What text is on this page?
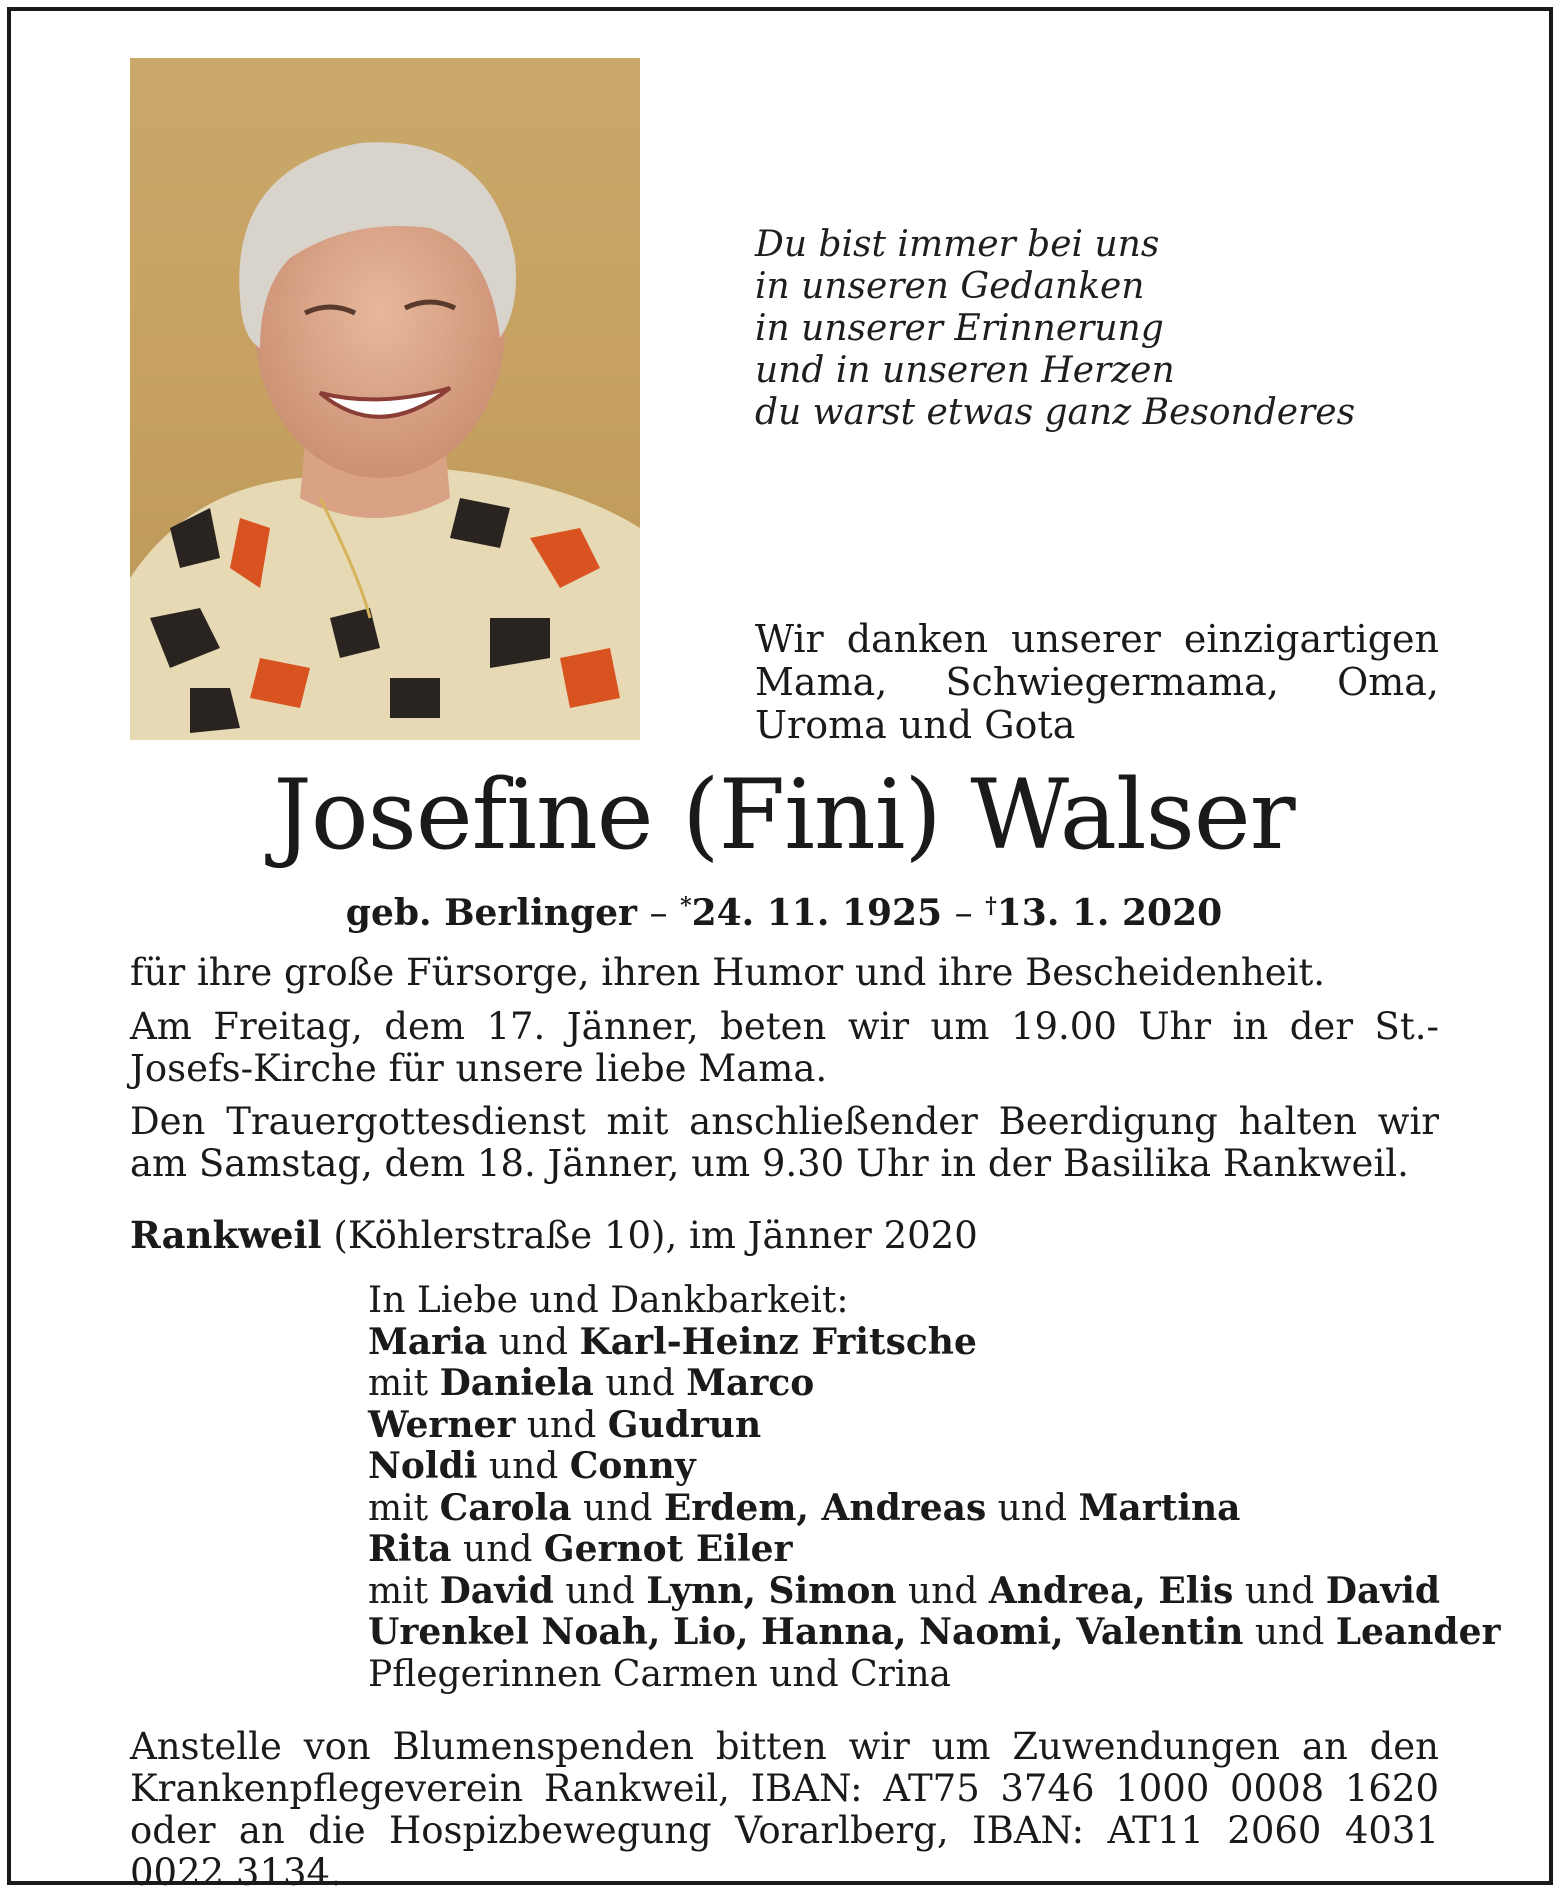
Du bist immer bei uns
in unseren Gedanken
in unserer Erinnerung
und in unseren Herzen
du warst etwas ganz Besonderes
Wir danken unserer einzigartigen Mama, Schwiegermama, Oma, Uroma und Gota
Josefine (Fini) Walser
geb. Berlinger – *24. 11. 1925 – †13. 1. 2020
für ihre große Fürsorge, ihren Humor und ihre Bescheidenheit.
Am Freitag, dem 17. Jänner, beten wir um 19.00 Uhr in der St.-Josefs-Kirche für unsere liebe Mama.
Den Trauergottesdienst mit anschließender Beerdigung halten wir am Samstag, dem 18. Jänner, um 9.30 Uhr in der Basilika Rankweil.
Rankweil (Köhlerstraße 10), im Jänner 2020
In Liebe und Dankbarkeit:
Maria und Karl-Heinz Fritsche
mit Daniela und Marco
Werner und Gudrun
Noldi und Conny
mit Carola und Erdem, Andreas und Martina
Rita und Gernot Eiler
mit David und Lynn, Simon und Andrea, Elis und David
Urenkel Noah, Lio, Hanna, Naomi, Valentin und Leander
Pflegerinnen Carmen und Crina
Anstelle von Blumenspenden bitten wir um Zuwendungen an den Krankenpflegeverein Rankweil, IBAN: AT75 3746 1000 0008 1620 oder an die Hospizbewegung Vorarlberg, IBAN: AT11 2060 4031 0022 3134.
